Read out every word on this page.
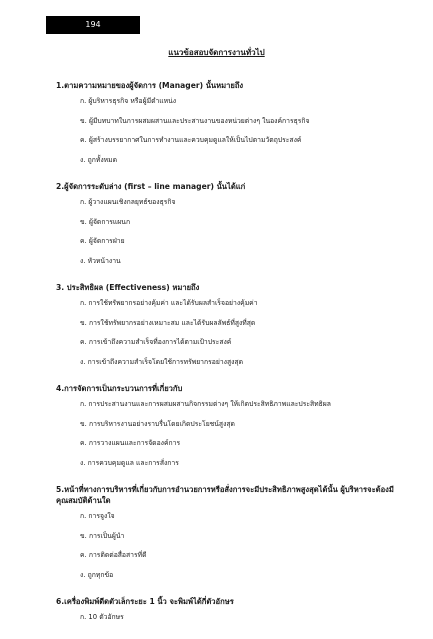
194
แนวข้อสอบจัดการงานทั่วไป
1.ตามความหมายของผู้จัดการ (Manager) นั้นหมายถึง
ก. ผู้บริหารธุรกิจ หรือผู้มีตำแหน่ง
ข. ผู้มีบทบาทในการผสมผสานและประสานงานของหน่วยต่างๆ ในองค์การธุรกิจ
ค. ผู้สร้างบรรยากาศในการทำงานและควบคุมดูแลให้เป็นไปตามวัตถุประสงค์
ง. ถูกทั้งหมด
2.ผู้จัดการระดับล่าง (first – line manager) นั้นได้แก่
ก. ผู้วางแผนเชิงกลยุทธ์ของธุรกิจ
ข. ผู้จัดการแผนก
ค. ผู้จัดการฝ่าย
ง. หัวหน้างาน
3. ประสิทธิผล (Effectiveness) หมายถึง
ก. การใช้ทรัพยากรอย่างคุ้มค่า และได้รับผลสำเร็จอย่างคุ้มค่า
ข. การใช้ทรัพยากรอย่างเหมาะสม และได้รับผลลัพธ์ที่สูงที่สุด
ค. การเข้าถึงความสำเร็จที่องการได้ตามเป้าประสงค์
ง. การเข้าถึงความสำเร็จโดยใช้การทรัพยากรอย่างสูงสุด
4.การจัดการเป็นกระบวนการที่เกี่ยวกับ
ก. การประสานงานและการผสมผสานกิจกรรมต่างๆ ให้เกิดประสิทธิภาพและประสิทธิผล
ข. การบริหารงานอย่างราบรื่นโดยเกิดประโยชน์สูงสุด
ค. การวางแผนและการจัดองค์การ
ง. การควบคุมดูแล และการสั่งการ
5.หน้าที่ทางการบริหารที่เกี่ยวกับการอำนวยการหรือสั่งการจะมีประสิทธิภาพสูงสุดได้นั้น ผู้บริหารจะต้องมีคุณสมบัติด้านใด
ก. การจูงใจ
ข. การเป็นผู้นำ
ค. การติดต่อสื่อสารที่ดี
ง. ถูกทุกข้อ
6.เครื่องพิมพ์ดีดตัวเล็กระยะ 1 นิ้ว จะพิมพ์ได้กี่ตัวอักษร
ก. 10 ตัวอักษร
